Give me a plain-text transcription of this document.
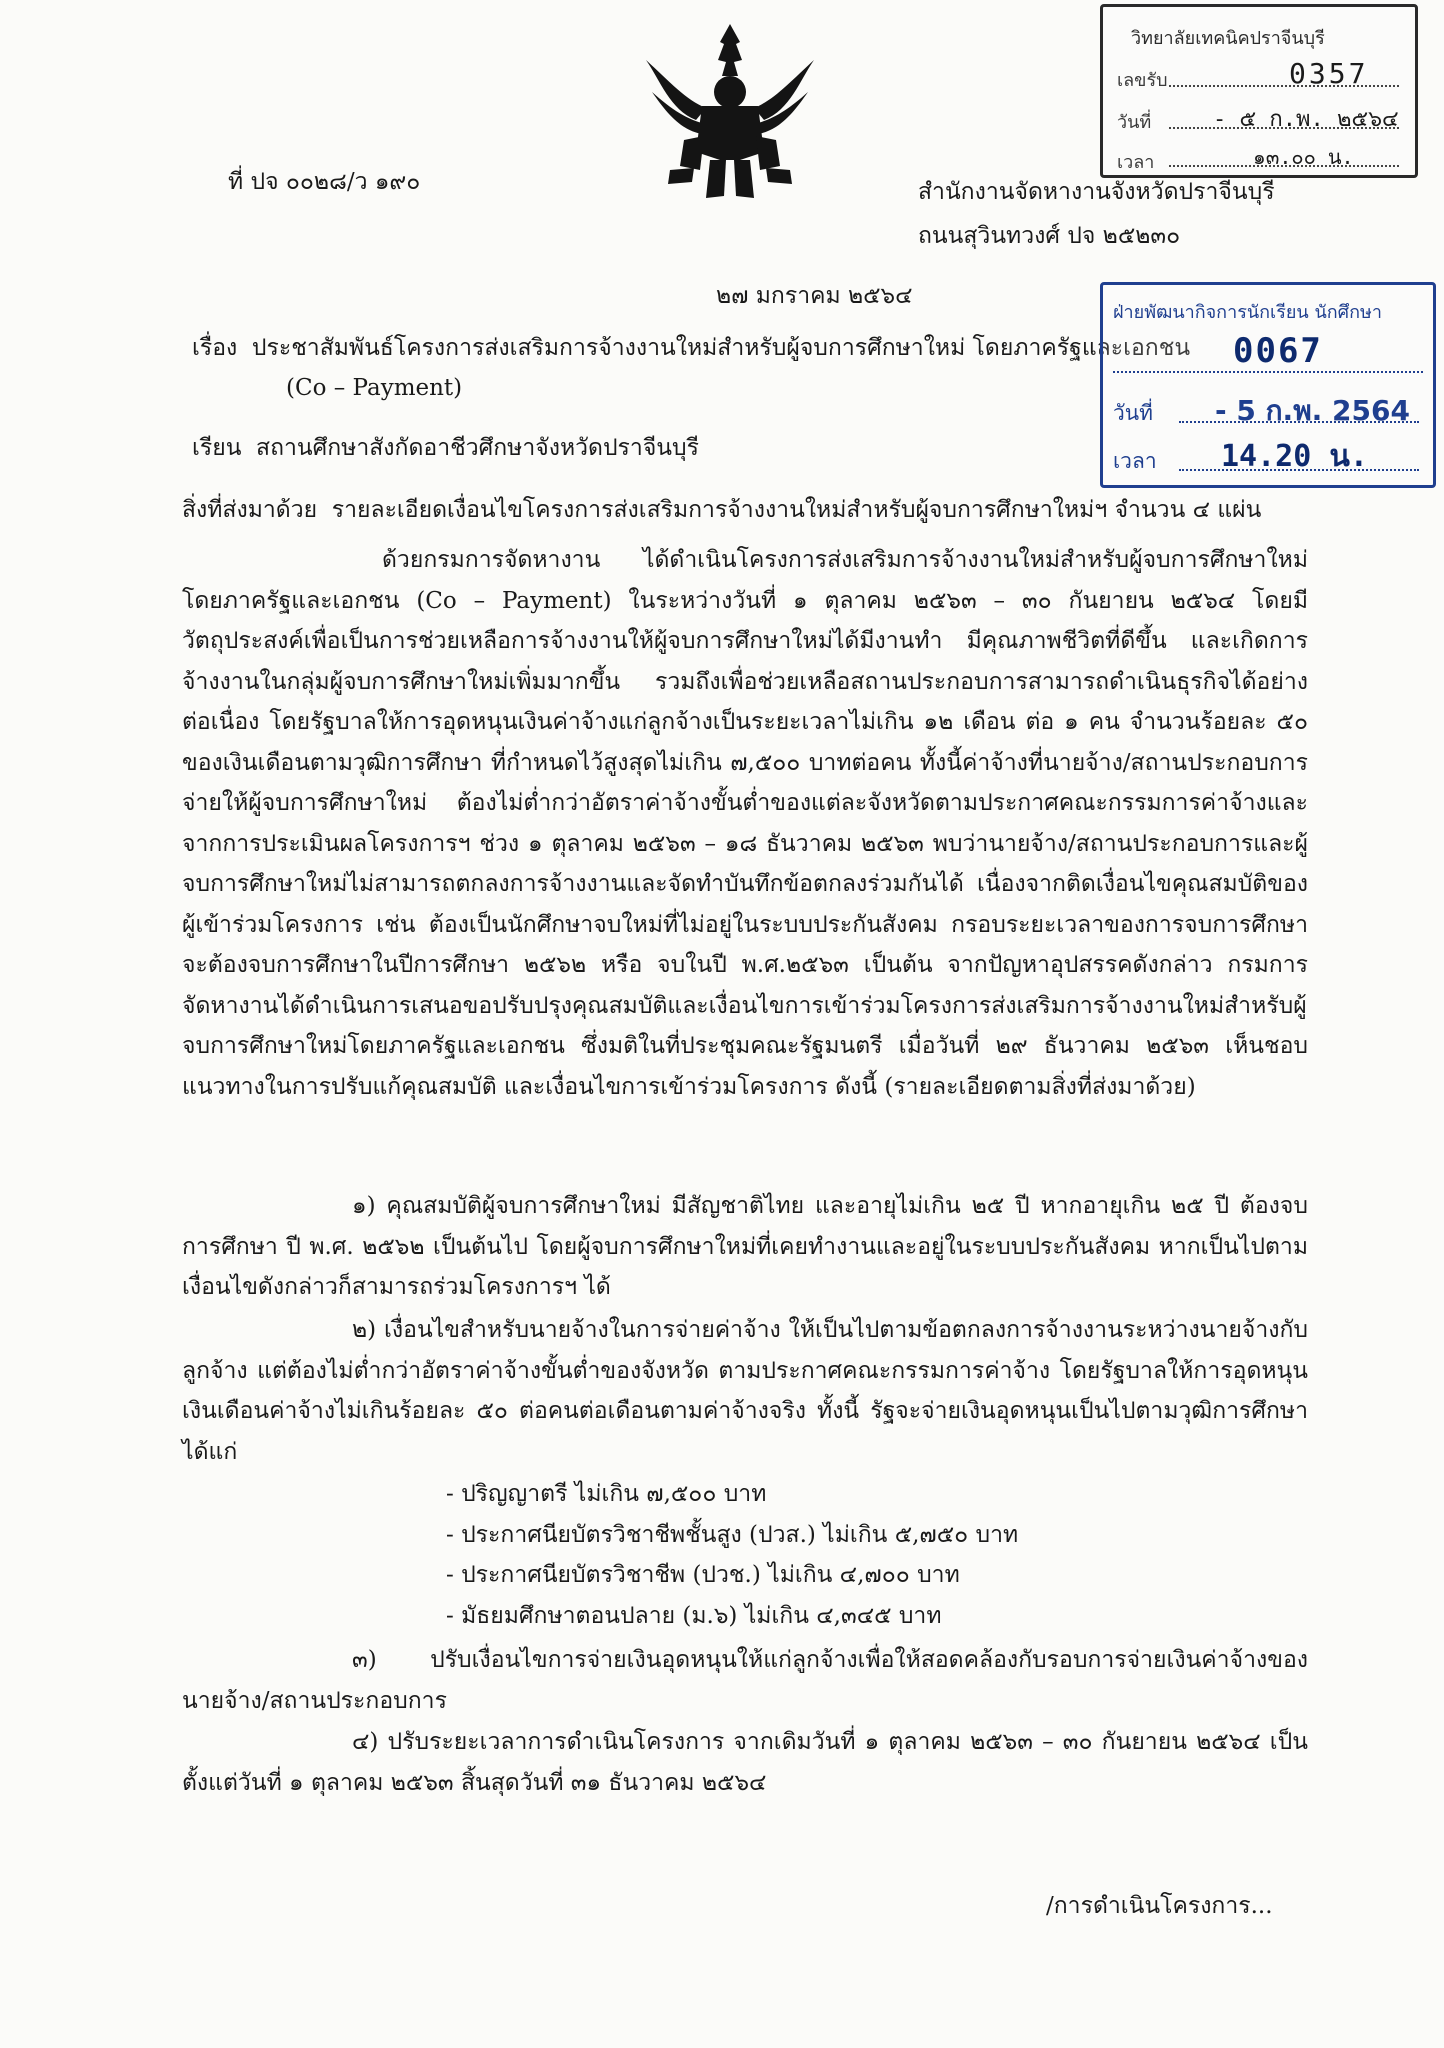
ที่ ปจ ๐๐๒๘/ว ๑๙๐	สำนักงานจัดหางานจังหวัดปราจีนบุรี
ถนนสุวินทวงศ์ ปจ ๒๕๒๓๐
๒๗ มกราคม ๒๕๖๔
เรื่อง ประชาสัมพันธ์โครงการส่งเสริมการจ้างงานใหม่สำหรับผู้จบการศึกษาใหม่ โดยภาครัฐและเอกชน
(Co – Payment)
เรียน สถานศึกษาสังกัดอาชีวศึกษาจังหวัดปราจีนบุรี
สิ่งที่ส่งมาด้วย รายละเอียดเงื่อนไขโครงการส่งเสริมการจ้างงานใหม่สำหรับผู้จบการศึกษาใหม่ฯ จำนวน ๔ แผ่น
ด้วยกรมการจัดหางาน ได้ดำเนินโครงการส่งเสริมการจ้างงานใหม่สำหรับผู้จบการศึกษาใหม่โดยภาครัฐและเอกชน (Co – Payment) ในระหว่างวันที่ ๑ ตุลาคม ๒๕๖๓ – ๓๐ กันยายน ๒๕๖๔ โดยมีวัตถุประสงค์เพื่อเป็นการช่วยเหลือการจ้างงานให้ผู้จบการศึกษาใหม่ได้มีงานทำ มีคุณภาพชีวิตที่ดีขึ้น และเกิดการจ้างงานในกลุ่มผู้จบการศึกษาใหม่เพิ่มมากขึ้น รวมถึงเพื่อช่วยเหลือสถานประกอบการสามารถดำเนินธุรกิจได้อย่างต่อเนื่อง โดยรัฐบาลให้การอุดหนุนเงินค่าจ้างแก่ลูกจ้างเป็นระยะเวลาไม่เกิน ๑๒ เดือน ต่อ ๑ คน จำนวนร้อยละ ๕๐ ของเงินเดือนตามวุฒิการศึกษา ที่กำหนดไว้สูงสุดไม่เกิน ๗,๕๐๐ บาทต่อคน ทั้งนี้ค่าจ้างที่นายจ้าง/สถานประกอบการจ่ายให้ผู้จบการศึกษาใหม่ ต้องไม่ต่ำกว่าอัตราค่าจ้างขั้นต่ำของแต่ละจังหวัดตามประกาศคณะกรรมการค่าจ้างและจากการประเมินผลโครงการฯ ช่วง ๑ ตุลาคม ๒๕๖๓ – ๑๘ ธันวาคม ๒๕๖๓ พบว่านายจ้าง/สถานประกอบการและผู้จบการศึกษาใหม่ไม่สามารถตกลงการจ้างงานและจัดทำบันทึกข้อตกลงร่วมกันได้ เนื่องจากติดเงื่อนไขคุณสมบัติของผู้เข้าร่วมโครงการ เช่น ต้องเป็นนักศึกษาจบใหม่ที่ไม่อยู่ในระบบประกันสังคม กรอบระยะเวลาของการจบการศึกษาจะต้องจบการศึกษาในปีการศึกษา ๒๕๖๒ หรือ จบในปี พ.ศ.๒๕๖๓ เป็นต้น จากปัญหาอุปสรรคดังกล่าว กรมการจัดหางานได้ดำเนินการเสนอขอปรับปรุงคุณสมบัติและเงื่อนไขการเข้าร่วมโครงการส่งเสริมการจ้างงานใหม่สำหรับผู้จบการศึกษาใหม่โดยภาครัฐและเอกชน ซึ่งมติในที่ประชุมคณะรัฐมนตรี เมื่อวันที่ ๒๙ ธันวาคม ๒๕๖๓ เห็นชอบแนวทางในการปรับแก้คุณสมบัติ และเงื่อนไขการเข้าร่วมโครงการ ดังนี้ (รายละเอียดตามสิ่งที่ส่งมาด้วย)
๑) คุณสมบัติผู้จบการศึกษาใหม่ มีสัญชาติไทย และอายุไม่เกิน ๒๕ ปี หากอายุเกิน ๒๕ ปี ต้องจบการศึกษา ปี พ.ศ. ๒๕๖๒ เป็นต้นไป โดยผู้จบการศึกษาใหม่ที่เคยทำงานและอยู่ในระบบประกันสังคม หากเป็นไปตามเงื่อนไขดังกล่าวก็สามารถร่วมโครงการฯ ได้
๒) เงื่อนไขสำหรับนายจ้างในการจ่ายค่าจ้าง ให้เป็นไปตามข้อตกลงการจ้างงานระหว่างนายจ้างกับลูกจ้าง แต่ต้องไม่ต่ำกว่าอัตราค่าจ้างขั้นต่ำของจังหวัด ตามประกาศคณะกรรมการค่าจ้าง โดยรัฐบาลให้การอุดหนุนเงินเดือนค่าจ้างไม่เกินร้อยละ ๕๐ ต่อคนต่อเดือนตามค่าจ้างจริง ทั้งนี้ รัฐจะจ่ายเงินอุดหนุนเป็นไปตามวุฒิการศึกษา ได้แก่
- ปริญญาตรี ไม่เกิน ๗,๕๐๐ บาท
- ประกาศนียบัตรวิชาชีพชั้นสูง (ปวส.) ไม่เกิน ๕,๗๕๐ บาท
- ประกาศนียบัตรวิชาชีพ (ปวช.) ไม่เกิน ๔,๗๐๐ บาท
- มัธยมศึกษาตอนปลาย (ม.๖) ไม่เกิน ๔,๓๔๕ บาท
๓) ปรับเงื่อนไขการจ่ายเงินอุดหนุนให้แก่ลูกจ้างเพื่อให้สอดคล้องกับรอบการจ่ายเงินค่าจ้างของนายจ้าง/สถานประกอบการ
๔) ปรับระยะเวลาการดำเนินโครงการ จากเดิมวันที่ ๑ ตุลาคม ๒๕๖๓ – ๓๐ กันยายน ๒๕๖๔ เป็นตั้งแต่วันที่ ๑ ตุลาคม ๒๕๖๓ สิ้นสุดวันที่ ๓๑ ธันวาคม ๒๕๖๔
/การดำเนินโครงการ...
วิทยาลัยเทคนิคปราจีนบุรี
เลขรับ	0357
วันที่	- ๕ ก.พ. ๒๕๖๔
เวลา	๑๓.๐๐ น.
ฝ่ายพัฒนากิจการนักเรียน นักศึกษา
0067
วันที่ - 5 ก.พ. 2564
เวลา 14.20 น.
